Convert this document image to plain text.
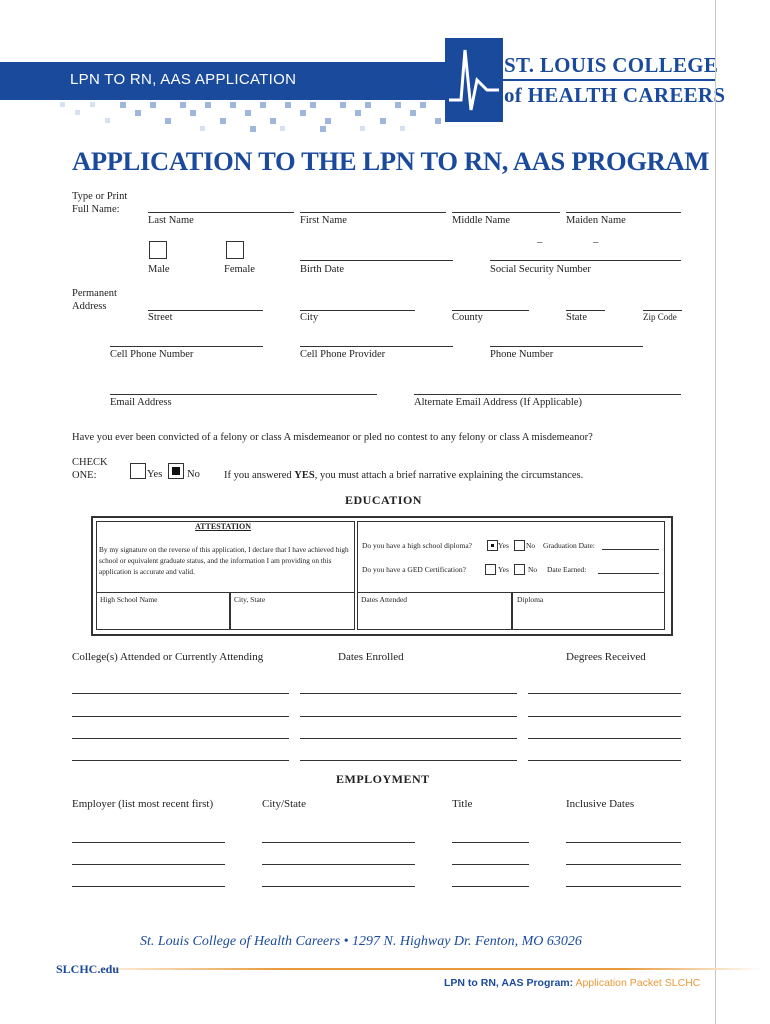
LPN TO RN, AAS APPLICATION
ST. LOUIS COLLEGE
of HEALTH CAREERS
APPLICATION TO THE LPN TO RN, AAS PROGRAM
Type or Print
Full Name:
Last Name	First Name	Middle Name	Maiden Name
–	–
Male	Female	Birth Date	Social Security Number
Permanent
Address
Street	City	County	State	Zip Code
Cell Phone Number	Cell Phone Provider	Phone Number
Email Address	Alternate Email Address (If Applicable)
Have you ever been convicted of a felony or class A misdemeanor or pled no contest to any felony or class A misdemeanor?
CHECK
ONE:	Yes No If you answered YES, you must attach a brief narrative explaining the circumstances.
EDUCATION
ATTESTATION
By my signature on the reverse of this application, I declare that I have achieved high school or equivalent graduate status, and the information I am providing on this application is accurate and valid.
Do you have a high school diploma?	Yes No Graduation Date:
Do you have a GED Certification?	Yes	No Date Earned:
High School Name	City, State	Dates Attended	Diploma
College(s) Attended or Currently Attending	Dates Enrolled	Degrees Received
EMPLOYMENT
Employer (list most recent first)	City/State	Title	Inclusive Dates
St. Louis College of Health Careers • 1297 N. Highway Dr. Fenton, MO 63026
SLCHC.edu
LPN to RN, AAS Program: Application Packet SLCHC
